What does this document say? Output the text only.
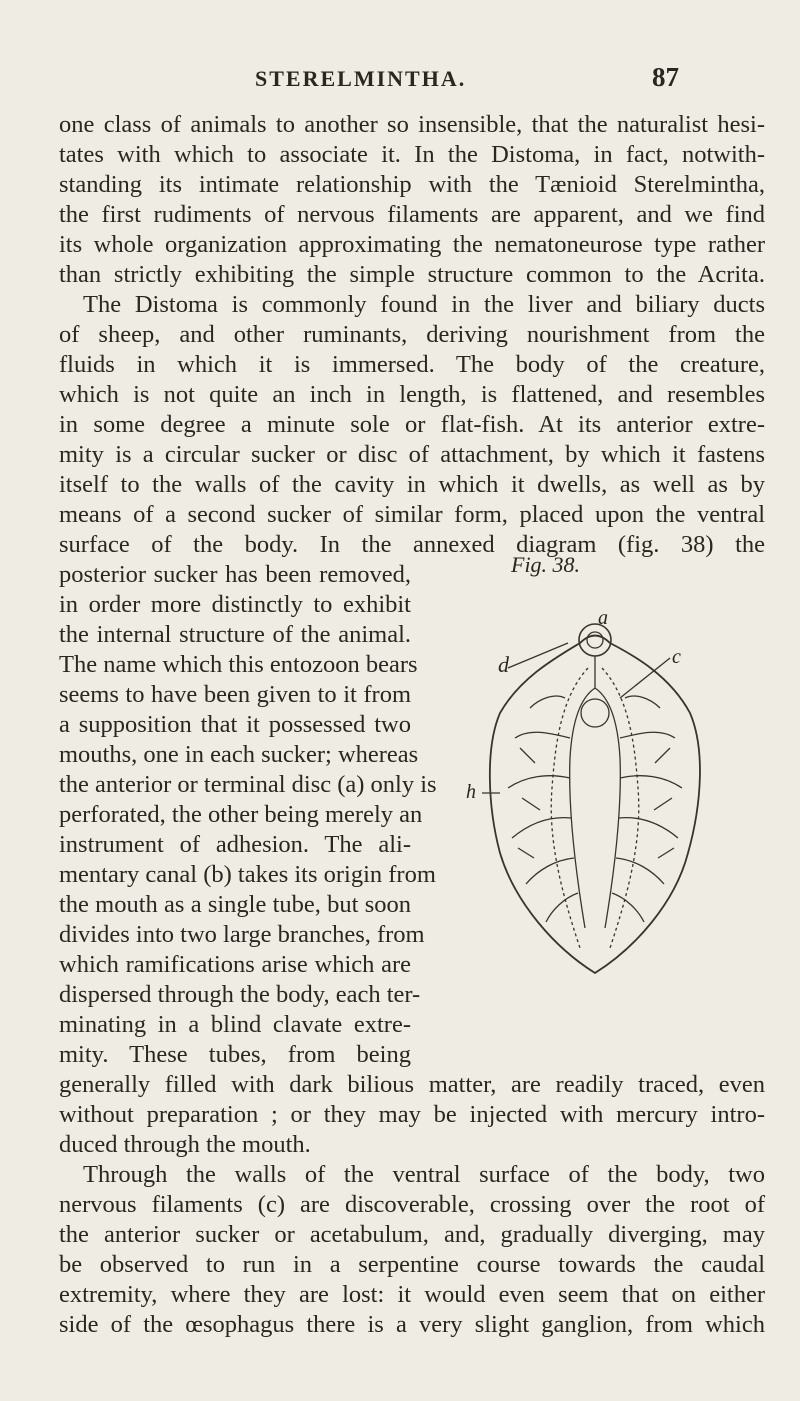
STERELMINTHA.	87
one class of animals to another so insensible, that the naturalist hesi-
tates with which to associate it. In the Distoma, in fact, notwith-
standing its intimate relationship with the Tænioid Sterelmintha,
the first rudiments of nervous filaments are apparent, and we find
its whole organization approximating the nematoneurose type rather
than strictly exhibiting the simple structure common to the Acrita.
The Distoma is commonly found in the liver and biliary ducts
of sheep, and other ruminants, deriving nourishment from the
fluids in which it is immersed. The body of the creature,
which is not quite an inch in length, is flattened, and resembles
in some degree a minute sole or flat-fish. At its anterior extre-
mity is a circular sucker or disc of attachment, by which it fastens
itself to the walls of the cavity in which it dwells, as well as by
means of a second sucker of similar form, placed upon the ventral
surface of the body. In the annexed diagram (fig. 38) the
posterior sucker has been removed,
in order more distinctly to exhibit
the internal structure of the animal.
The name which this entozoon bears
seems to have been given to it from
a supposition that it possessed two
mouths, one in each sucker; whereas
the anterior or terminal disc (a) only is
perforated, the other being merely an
instrument of adhesion. The ali-
mentary canal (b) takes its origin from
the mouth as a single tube, but soon
divides into two large branches, from
which ramifications arise which are
dispersed through the body, each ter-
minating in a blind clavate extre-
mity. These tubes, from being
generally filled with dark bilious matter, are readily traced, even
without preparation ; or they may be injected with mercury intro-
duced through the mouth.
Through the walls of the ventral surface of the body, two
nervous filaments (c) are discoverable, crossing over the root of
the anterior sucker or acetabulum, and, gradually diverging, may
be observed to run in a serpentine course towards the caudal
extremity, where they are lost: it would even seem that on either
side of the œsophagus there is a very slight ganglion, from which
Fig. 38.
d
a
c
h
